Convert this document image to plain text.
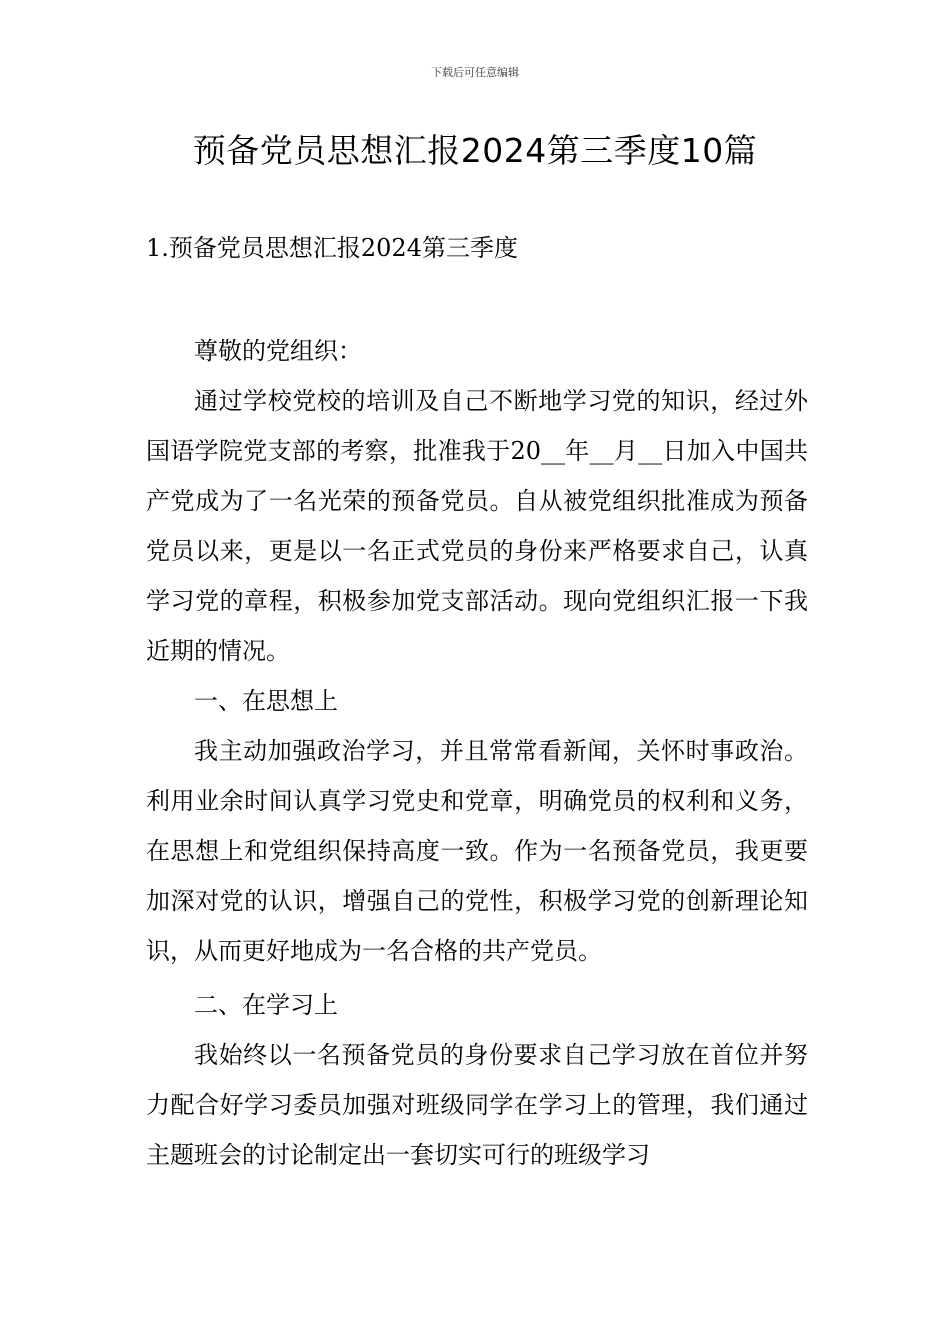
下载后可任意编辑
预备党员思想汇报2024第三季度10篇
1.预备党员思想汇报2024第三季度

尊敬的党组织：

通过学校党校的培训及自己不断地学习党的知识，经过外国语学院党支部的考察，批准我于20__年__月__日加入中国共产党成为了一名光荣的预备党员。自从被党组织批准成为预备党员以来，更是以一名正式党员的身份来严格要求自己，认真学习党的章程，积极参加党支部活动。现向党组织汇报一下我近期的情况。

一、在思想上

我主动加强政治学习，并且常常看新闻，关怀时事政治。利用业余时间认真学习党史和党章，明确党员的权利和义务，在思想上和党组织保持高度一致。作为一名预备党员，我更要加深对党的认识，增强自己的党性，积极学习党的创新理论知识，从而更好地成为一名合格的共产党员。

二、在学习上

我始终以一名预备党员的身份要求自己学习放在首位并努力配合好学习委员加强对班级同学在学习上的管理，我们通过主题班会的讨论制定出一套切实可行的班级学习
